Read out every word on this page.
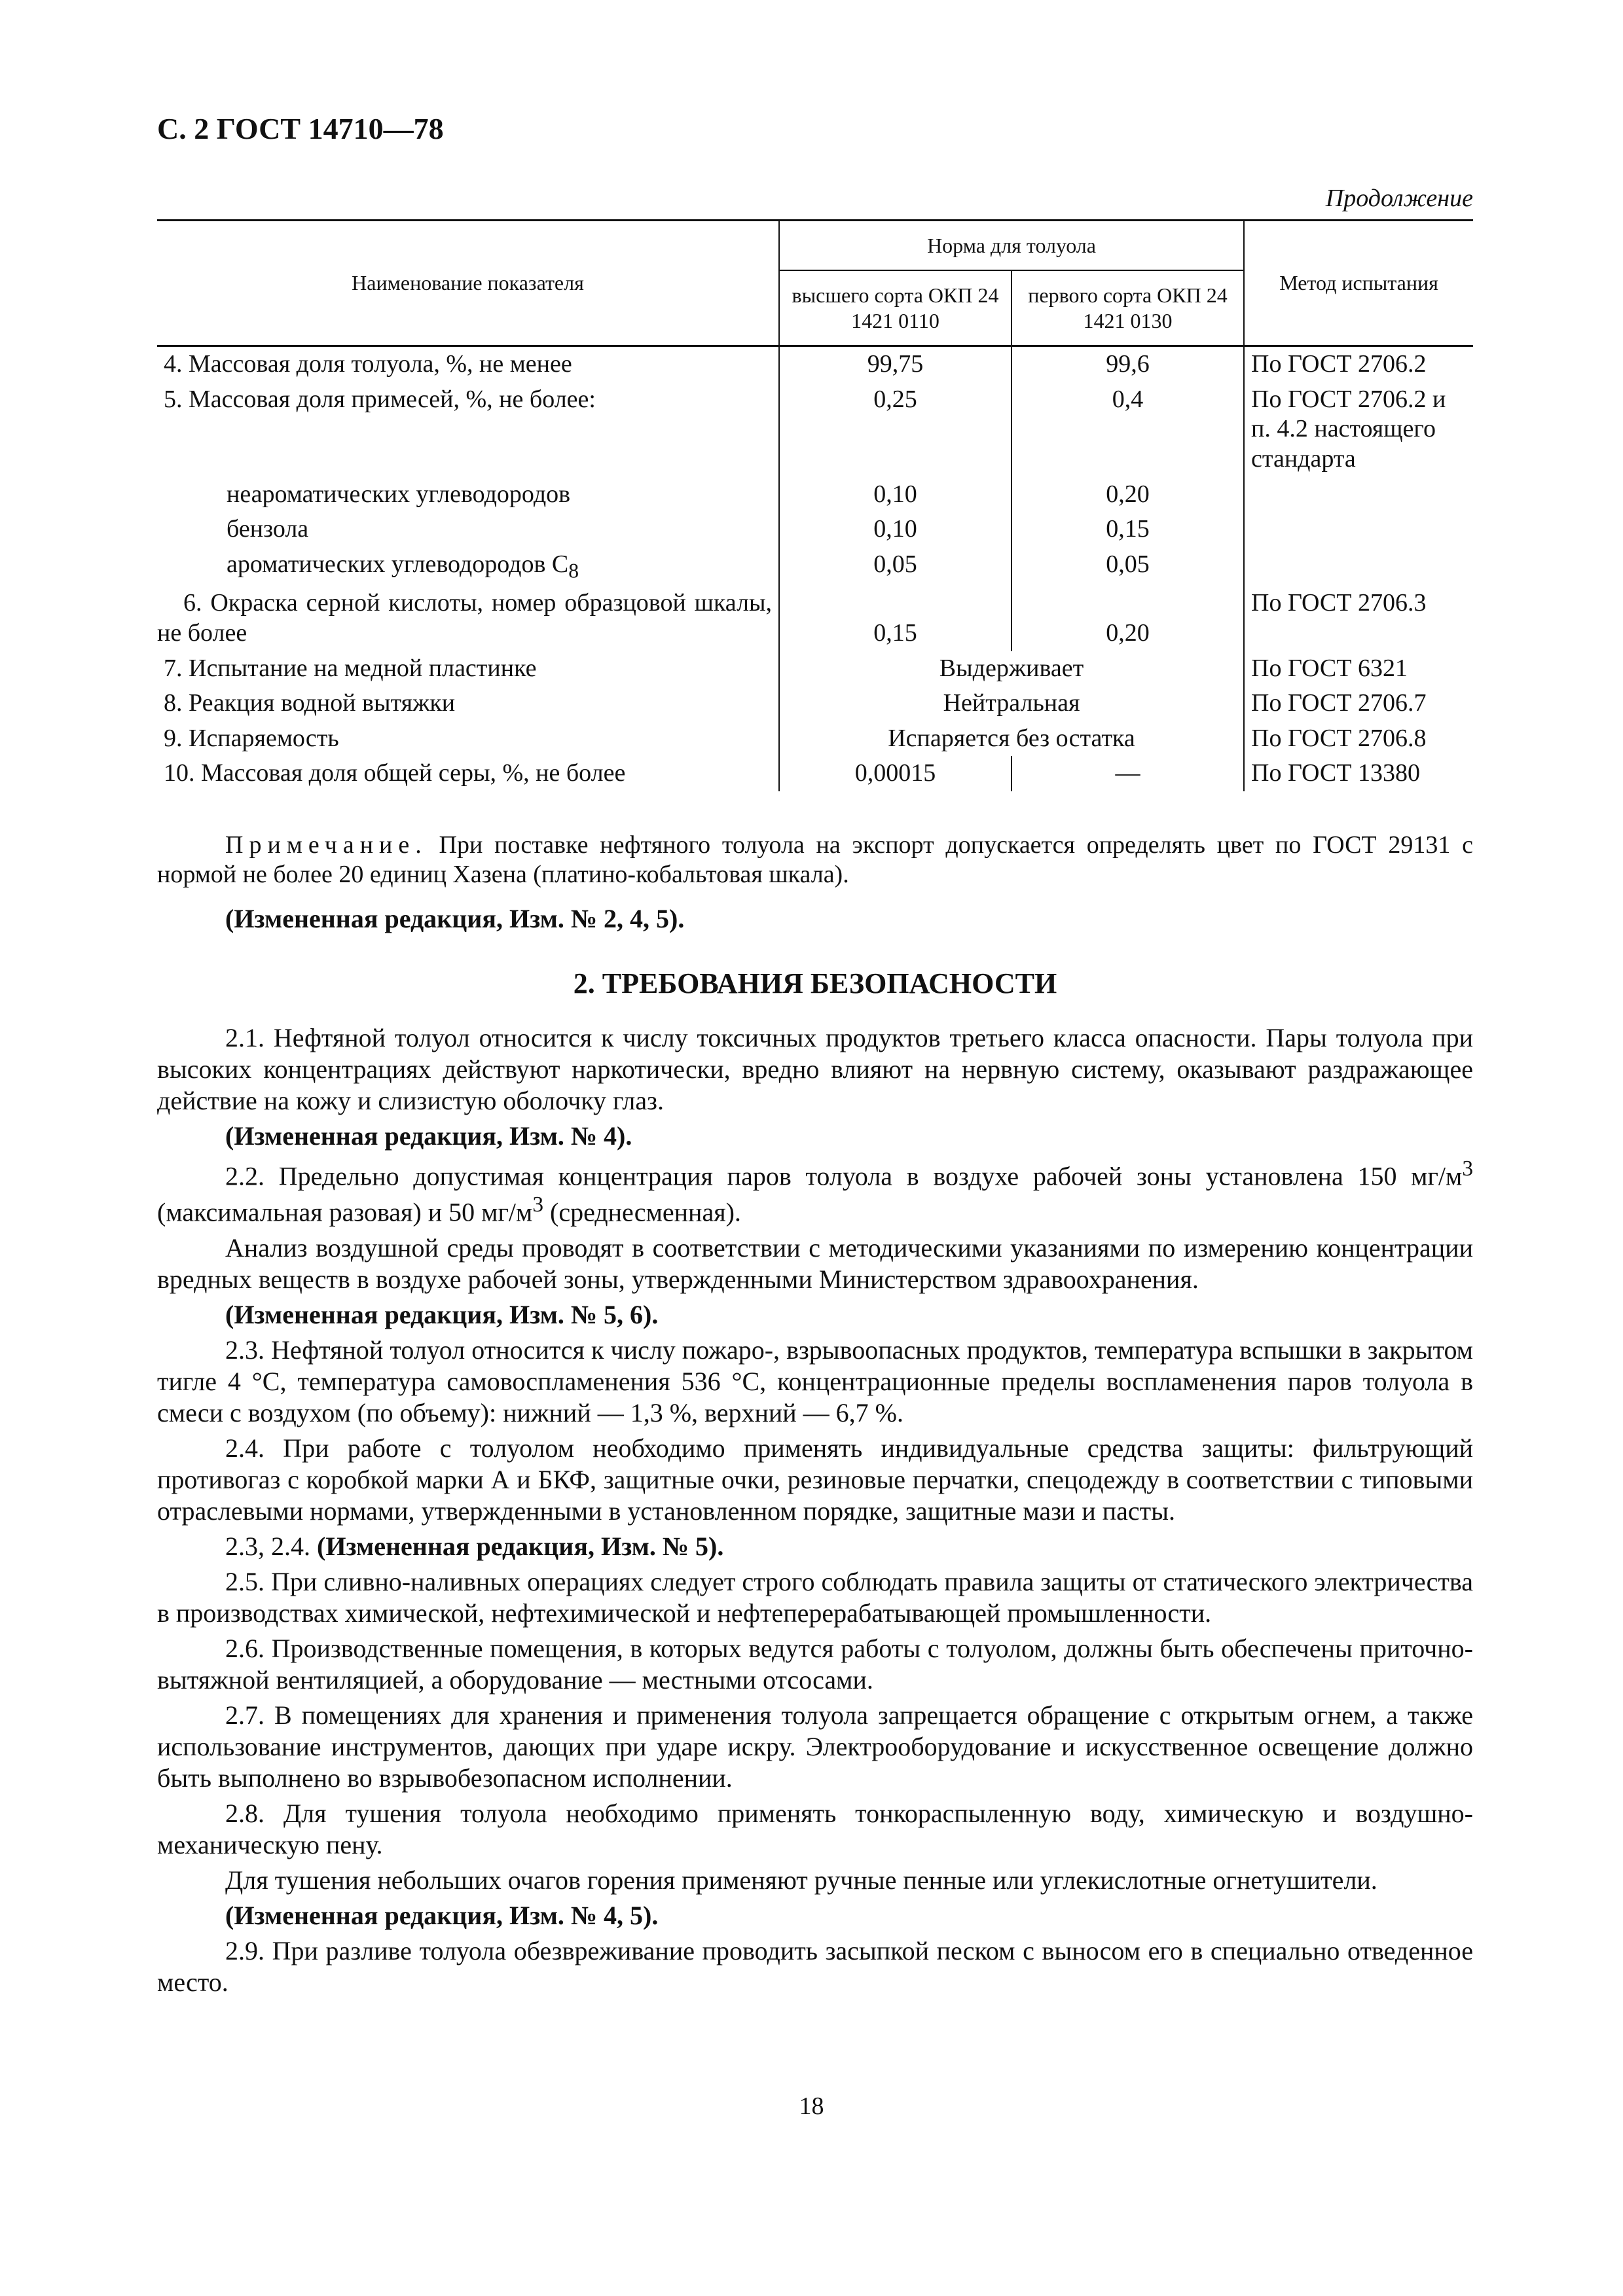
С. 2 ГОСТ 14710—78
Продолжение
Наименование показателя	Норма для толуола		Метод испытания
	высшего сорта ОКП 24 1421 0110	первого сорта ОКП 24 1421 0130	
4. Массовая доля толуола, %, не менее	99,75	99,6	По ГОСТ 2706.2
5. Массовая доля примесей, %, не более:	0,25	0,4	По ГОСТ 2706.2 и п. 4.2 настоящего стандарта
неароматических углеводородов	0,10	0,20	
бензола	0,10	0,15	
ароматических углеводородов $C_8$	0,05	0,05	
6. Окраска серной кислоты, номер образцовой шкалы, не более	0,15	0,20	По ГОСТ 2706.3
7. Испытание на медной пластинке	Выдерживает		По ГОСТ 6321
8. Реакция водной вытяжки	Нейтральная		По ГОСТ 2706.7
9. Испаряемость	Испаряется без остатка		По ГОСТ 2706.8
10. Массовая доля общей серы, %, не более	0,00015	—	По ГОСТ 13380
Примечание. При поставке нефтяного толуола на экспорт допускается определять цвет по ГОСТ 29131 с нормой не более 20 единиц Хазена (платино-кобальтовая шкала).
(Измененная редакция, Изм. № 2, 4, 5).
2. ТРЕБОВАНИЯ БЕЗОПАСНОСТИ

2.1. Нефтяной толуол относится к числу токсичных продуктов третьего класса опасности. Пары толуола при высоких концентрациях действуют наркотически, вредно влияют на нервную систему, оказывают раздражающее действие на кожу и слизистую оболочку глаз.

(Измененная редакция, Изм. № 4).

2.2. Предельно допустимая концентрация паров толуола в воздухе рабочей зоны установлена 150 $мг/м^3$ (максимальная разовая) и 50 $мг/м^3$ (среднесменная).

Анализ воздушной среды проводят в соответствии с методическими указаниями по измерению концентрации вредных веществ в воздухе рабочей зоны, утвержденными Министерством здравоохранения.

(Измененная редакция, Изм. № 5, 6).

2.3. Нефтяной толуол относится к числу пожаро-, взрывоопасных продуктов, температура вспышки в закрытом тигле 4 °С, температура самовоспламенения 536 °С, концентрационные пределы воспламенения паров толуола в смеси с воздухом (по объему): нижний — 1,3 %, верхний — 6,7 %.

2.4. При работе с толуолом необходимо применять индивидуальные средства защиты: фильтрующий противогаз с коробкой марки А и БКФ, защитные очки, резиновые перчатки, спецодежду в соответствии с типовыми отраслевыми нормами, утвержденными в установленном порядке, защитные мази и пасты.

2.3, 2.4. (Измененная редакция, Изм. № 5).

2.5. При сливно-наливных операциях следует строго соблюдать правила защиты от статического электричества в производствах химической, нефтехимической и нефтеперерабатывающей промышленности.

2.6. Производственные помещения, в которых ведутся работы с толуолом, должны быть обеспечены приточно-вытяжной вентиляцией, а оборудование — местными отсосами.

2.7. В помещениях для хранения и применения толуола запрещается обращение с открытым огнем, а также использование инструментов, дающих при ударе искру. Электрооборудование и искусственное освещение должно быть выполнено во взрывобезопасном исполнении.

2.8. Для тушения толуола необходимо применять тонкораспыленную воду, химическую и воздушно-механическую пену.

Для тушения небольших очагов горения применяют ручные пенные или углекислотные огнетушители.

(Измененная редакция, Изм. № 4, 5).

2.9. При разливе толуола обезвреживание проводить засыпкой песком с выносом его в специально отведенное место.

18
